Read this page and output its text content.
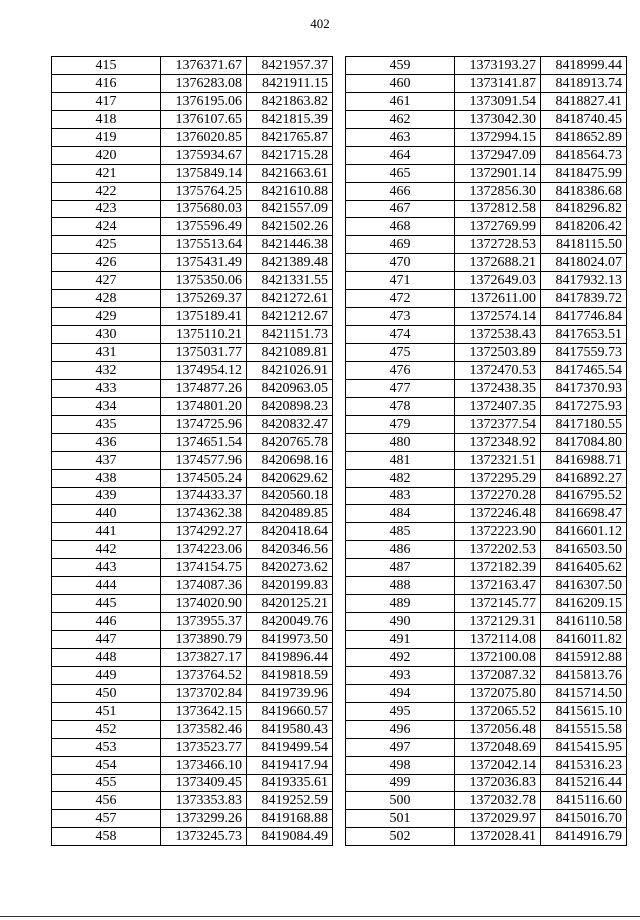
402
415	1376371.67	8421957.37
416	1376283.08	8421911.15
417	1376195.06	8421863.82
418	1376107.65	8421815.39
419	1376020.85	8421765.87
420	1375934.67	8421715.28
421	1375849.14	8421663.61
422	1375764.25	8421610.88
423	1375680.03	8421557.09
424	1375596.49	8421502.26
425	1375513.64	8421446.38
426	1375431.49	8421389.48
427	1375350.06	8421331.55
428	1375269.37	8421272.61
429	1375189.41	8421212.67
430	1375110.21	8421151.73
431	1375031.77	8421089.81
432	1374954.12	8421026.91
433	1374877.26	8420963.05
434	1374801.20	8420898.23
435	1374725.96	8420832.47
436	1374651.54	8420765.78
437	1374577.96	8420698.16
438	1374505.24	8420629.62
439	1374433.37	8420560.18
440	1374362.38	8420489.85
441	1374292.27	8420418.64
442	1374223.06	8420346.56
443	1374154.75	8420273.62
444	1374087.36	8420199.83
445	1374020.90	8420125.21
446	1373955.37	8420049.76
447	1373890.79	8419973.50
448	1373827.17	8419896.44
449	1373764.52	8419818.59
450	1373702.84	8419739.96
451	1373642.15	8419660.57
452	1373582.46	8419580.43
453	1373523.77	8419499.54
454	1373466.10	8419417.94
455	1373409.45	8419335.61
456	1373353.83	8419252.59
457	1373299.26	8419168.88
458	1373245.73	8419084.49
459	1373193.27	8418999.44
460	1373141.87	8418913.74
461	1373091.54	8418827.41
462	1373042.30	8418740.45
463	1372994.15	8418652.89
464	1372947.09	8418564.73
465	1372901.14	8418475.99
466	1372856.30	8418386.68
467	1372812.58	8418296.82
468	1372769.99	8418206.42
469	1372728.53	8418115.50
470	1372688.21	8418024.07
471	1372649.03	8417932.13
472	1372611.00	8417839.72
473	1372574.14	8417746.84
474	1372538.43	8417653.51
475	1372503.89	8417559.73
476	1372470.53	8417465.54
477	1372438.35	8417370.93
478	1372407.35	8417275.93
479	1372377.54	8417180.55
480	1372348.92	8417084.80
481	1372321.51	8416988.71
482	1372295.29	8416892.27
483	1372270.28	8416795.52
484	1372246.48	8416698.47
485	1372223.90	8416601.12
486	1372202.53	8416503.50
487	1372182.39	8416405.62
488	1372163.47	8416307.50
489	1372145.77	8416209.15
490	1372129.31	8416110.58
491	1372114.08	8416011.82
492	1372100.08	8415912.88
493	1372087.32	8415813.76
494	1372075.80	8415714.50
495	1372065.52	8415615.10
496	1372056.48	8415515.58
497	1372048.69	8415415.95
498	1372042.14	8415316.23
499	1372036.83	8415216.44
500	1372032.78	8415116.60
501	1372029.97	8415016.70
502	1372028.41	8414916.79
